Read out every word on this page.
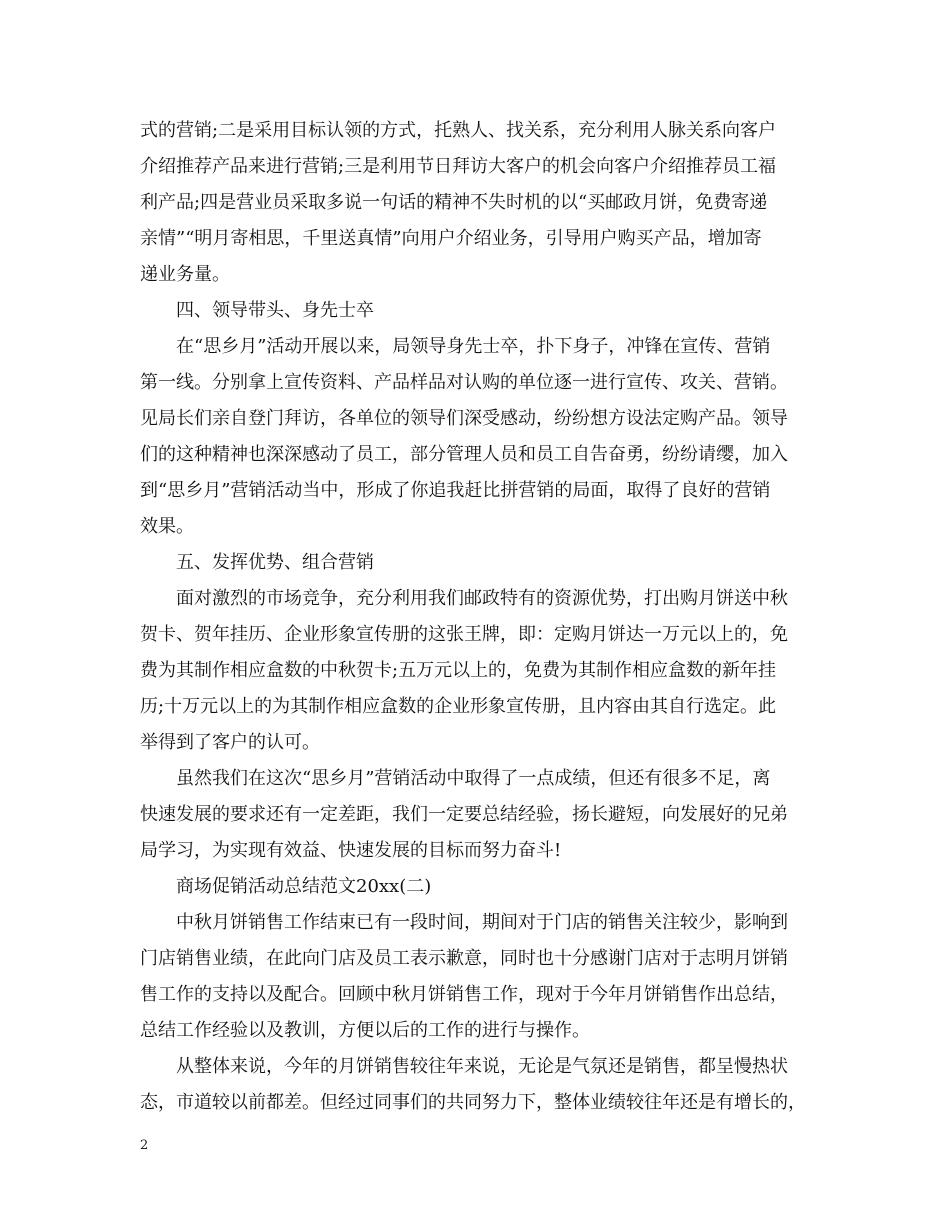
式的营销;二是采用目标认领的方式，托熟人、找关系，充分利用人脉关系向客户
介绍推荐产品来进行营销;三是利用节日拜访大客户的机会向客户介绍推荐员工福
利产品;四是营业员采取多说一句话的精神不失时机的以“买邮政月饼，免费寄递
亲情”“明月寄相思，千里送真情”向用户介绍业务，引导用户购买产品，增加寄
递业务量。
四、领导带头、身先士卒
在“思乡月”活动开展以来，局领导身先士卒，扑下身子，冲锋在宣传、营销
第一线。分别拿上宣传资料、产品样品对认购的单位逐一进行宣传、攻关、营销。
见局长们亲自登门拜访，各单位的领导们深受感动，纷纷想方设法定购产品。领导
们的这种精神也深深感动了员工，部分管理人员和员工自告奋勇，纷纷请缨，加入
到“思乡月”营销活动当中，形成了你追我赶比拼营销的局面，取得了良好的营销
效果。
五、发挥优势、组合营销
面对激烈的市场竞争，充分利用我们邮政特有的资源优势，打出购月饼送中秋
贺卡、贺年挂历、企业形象宣传册的这张王牌，即：定购月饼达一万元以上的，免
费为其制作相应盒数的中秋贺卡;五万元以上的，免费为其制作相应盒数的新年挂
历;十万元以上的为其制作相应盒数的企业形象宣传册，且内容由其自行选定。此
举得到了客户的认可。
虽然我们在这次“思乡月”营销活动中取得了一点成绩，但还有很多不足，离
快速发展的要求还有一定差距，我们一定要总结经验，扬长避短，向发展好的兄弟
局学习，为实现有效益、快速发展的目标而努力奋斗!
商场促销活动总结范文20xx(二)
中秋月饼销售工作结束已有一段时间，期间对于门店的销售关注较少，影响到
门店销售业绩，在此向门店及员工表示歉意，同时也十分感谢门店对于志明月饼销
售工作的支持以及配合。回顾中秋月饼销售工作，现对于今年月饼销售作出总结，
总结工作经验以及教训，方便以后的工作的进行与操作。
从整体来说，今年的月饼销售较往年来说，无论是气氛还是销售，都呈慢热状
态，市道较以前都差。但经过同事们的共同努力下，整体业绩较往年还是有增长的，
2
